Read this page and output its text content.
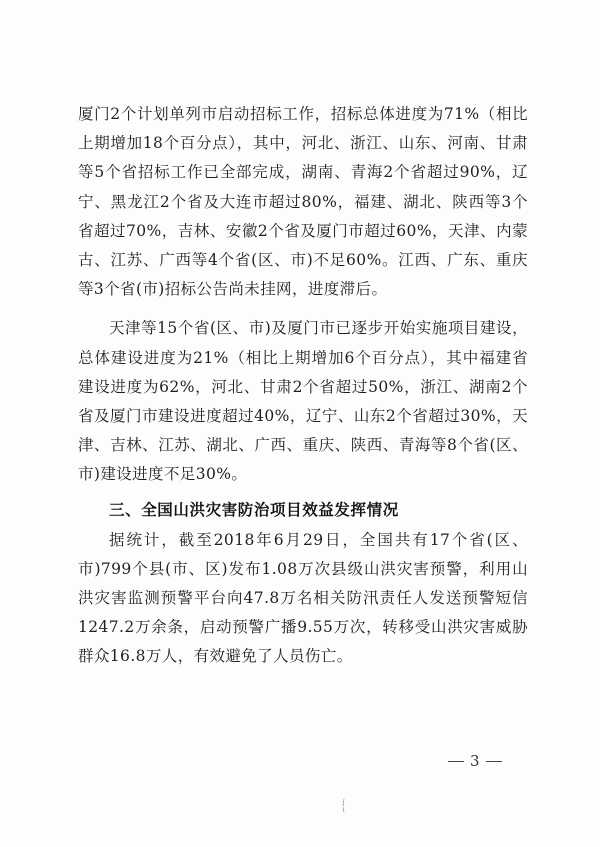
厦门2个计划单列市启动招标工作，招标总体进度为71%（相比上期增加18个百分点），其中，河北、浙江、山东、河南、甘肃等5个省招标工作已全部完成，湖南、青海2个省超过90%，辽宁、黑龙江2个省及大连市超过80%，福建、湖北、陕西等3个省超过70%，吉林、安徽2个省及厦门市超过60%，天津、内蒙古、江苏、广西等4个省(区、市)不足60%。江西、广东、重庆等3个省(市)招标公告尚未挂网，进度滞后。

天津等15个省(区、市)及厦门市已逐步开始实施项目建设，总体建设进度为21%（相比上期增加6个百分点），其中福建省建设进度为62%，河北、甘肃2个省超过50%，浙江、湖南2个省及厦门市建设进度超过40%，辽宁、山东2个省超过30%，天津、吉林、江苏、湖北、广西、重庆、陕西、青海等8个省(区、市)建设进度不足30%。

三、全国山洪灾害防治项目效益发挥情况

据统计，截至2018年6月29日，全国共有17个省(区、市)799个县(市、区)发布1.08万次县级山洪灾害预警，利用山洪灾害监测预警平台向47.8万名相关防汛责任人发送预警短信1247.2万余条，启动预警广播9.55万次，转移受山洪灾害威胁群众16.8万人，有效避免了人员伤亡。

3
